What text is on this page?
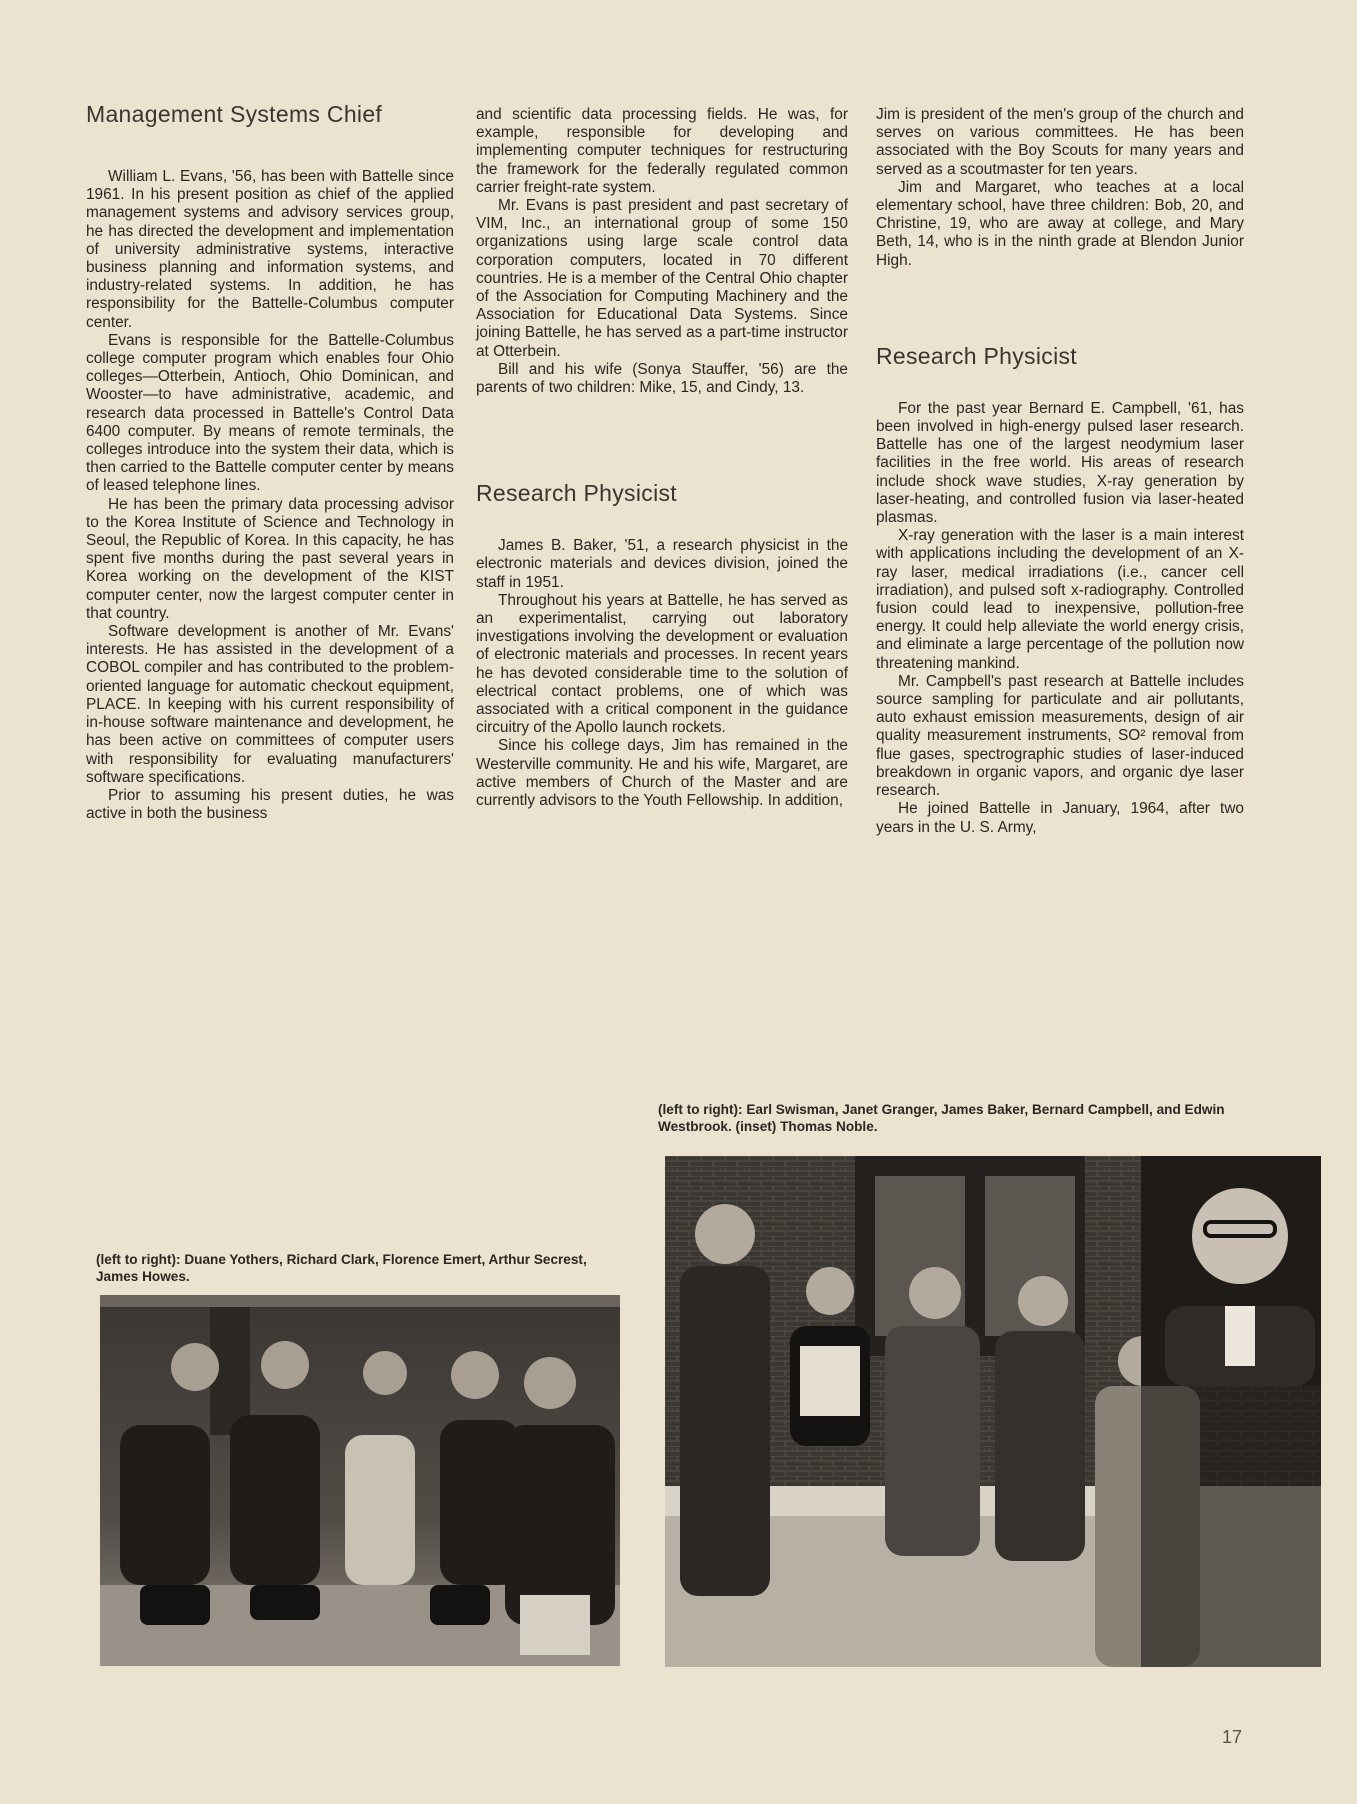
Management Systems Chief

William L. Evans, '56, has been with Battelle since 1961. In his present position as chief of the applied management systems and advisory services group, he has directed the development and implementation of university administrative systems, interactive business planning and information systems, and industry-related systems. In addition, he has responsibility for the Battelle-Columbus computer center.

Evans is responsible for the Battelle-Columbus college computer program which enables four Ohio colleges—Otterbein, Antioch, Ohio Dominican, and Wooster—to have administrative, academic, and research data processed in Battelle's Control Data 6400 computer. By means of remote terminals, the colleges introduce into the system their data, which is then carried to the Battelle computer center by means of leased telephone lines.

He has been the primary data processing advisor to the Korea Institute of Science and Technology in Seoul, the Republic of Korea. In this capacity, he has spent five months during the past several years in Korea working on the development of the KIST computer center, now the largest computer center in that country.

Software development is another of Mr. Evans' interests. He has assisted in the development of a COBOL compiler and has contributed to the problem-oriented language for automatic checkout equipment, PLACE. In keeping with his current responsibility of in-house software maintenance and development, he has been active on committees of computer users with responsibility for evaluating manufacturers' software specifications.

Prior to assuming his present duties, he was active in both the business

and scientific data processing fields. He was, for example, responsible for developing and implementing computer techniques for restructuring the framework for the federally regulated common carrier freight-rate system.

Mr. Evans is past president and past secretary of VIM, Inc., an international group of some 150 organizations using large scale control data corporation computers, located in 70 different countries. He is a member of the Central Ohio chapter of the Association for Computing Machinery and the Association for Educational Data Systems. Since joining Battelle, he has served as a part-time instructor at Otterbein.

Bill and his wife (Sonya Stauffer, '56) are the parents of two children: Mike, 15, and Cindy, 13.

Research Physicist

James B. Baker, '51, a research physicist in the electronic materials and devices division, joined the staff in 1951.

Throughout his years at Battelle, he has served as an experimentalist, carrying out laboratory investigations involving the development or evaluation of electronic materials and processes. In recent years he has devoted considerable time to the solution of electrical contact problems, one of which was associated with a critical component in the guidance circuitry of the Apollo launch rockets.

Since his college days, Jim has remained in the Westerville community. He and his wife, Margaret, are active members of Church of the Master and are currently advisors to the Youth Fellowship. In addition,

Jim is president of the men's group of the church and serves on various committees. He has been associated with the Boy Scouts for many years and served as a scoutmaster for ten years.

Jim and Margaret, who teaches at a local elementary school, have three children: Bob, 20, and Christine, 19, who are away at college, and Mary Beth, 14, who is in the ninth grade at Blendon Junior High.

Research Physicist

For the past year Bernard E. Campbell, '61, has been involved in high-energy pulsed laser research. Battelle has one of the largest neodymium laser facilities in the free world. His areas of research include shock wave studies, X-ray generation by laser-heating, and controlled fusion via laser-heated plasmas.

X-ray generation with the laser is a main interest with applications including the development of an X-ray laser, medical irradiations (i.e., cancer cell irradiation), and pulsed soft x-radiography. Controlled fusion could lead to inexpensive, pollution-free energy. It could help alleviate the world energy crisis, and eliminate a large percentage of the pollution now threatening mankind.

Mr. Campbell's past research at Battelle includes source sampling for particulate and air pollutants, auto exhaust emission measurements, design of air quality measurement instruments, SO² removal from flue gases, spectrographic studies of laser-induced breakdown in organic vapors, and organic dye laser research.

He joined Battelle in January, 1964, after two years in the U. S. Army,

(left to right): Earl Swisman, Janet Granger, James Baker, Bernard Campbell, and Edwin Westbrook. (inset) Thomas Noble.
(left to right): Duane Yothers, Richard Clark, Florence Emert, Arthur Secrest, James Howes.
17
